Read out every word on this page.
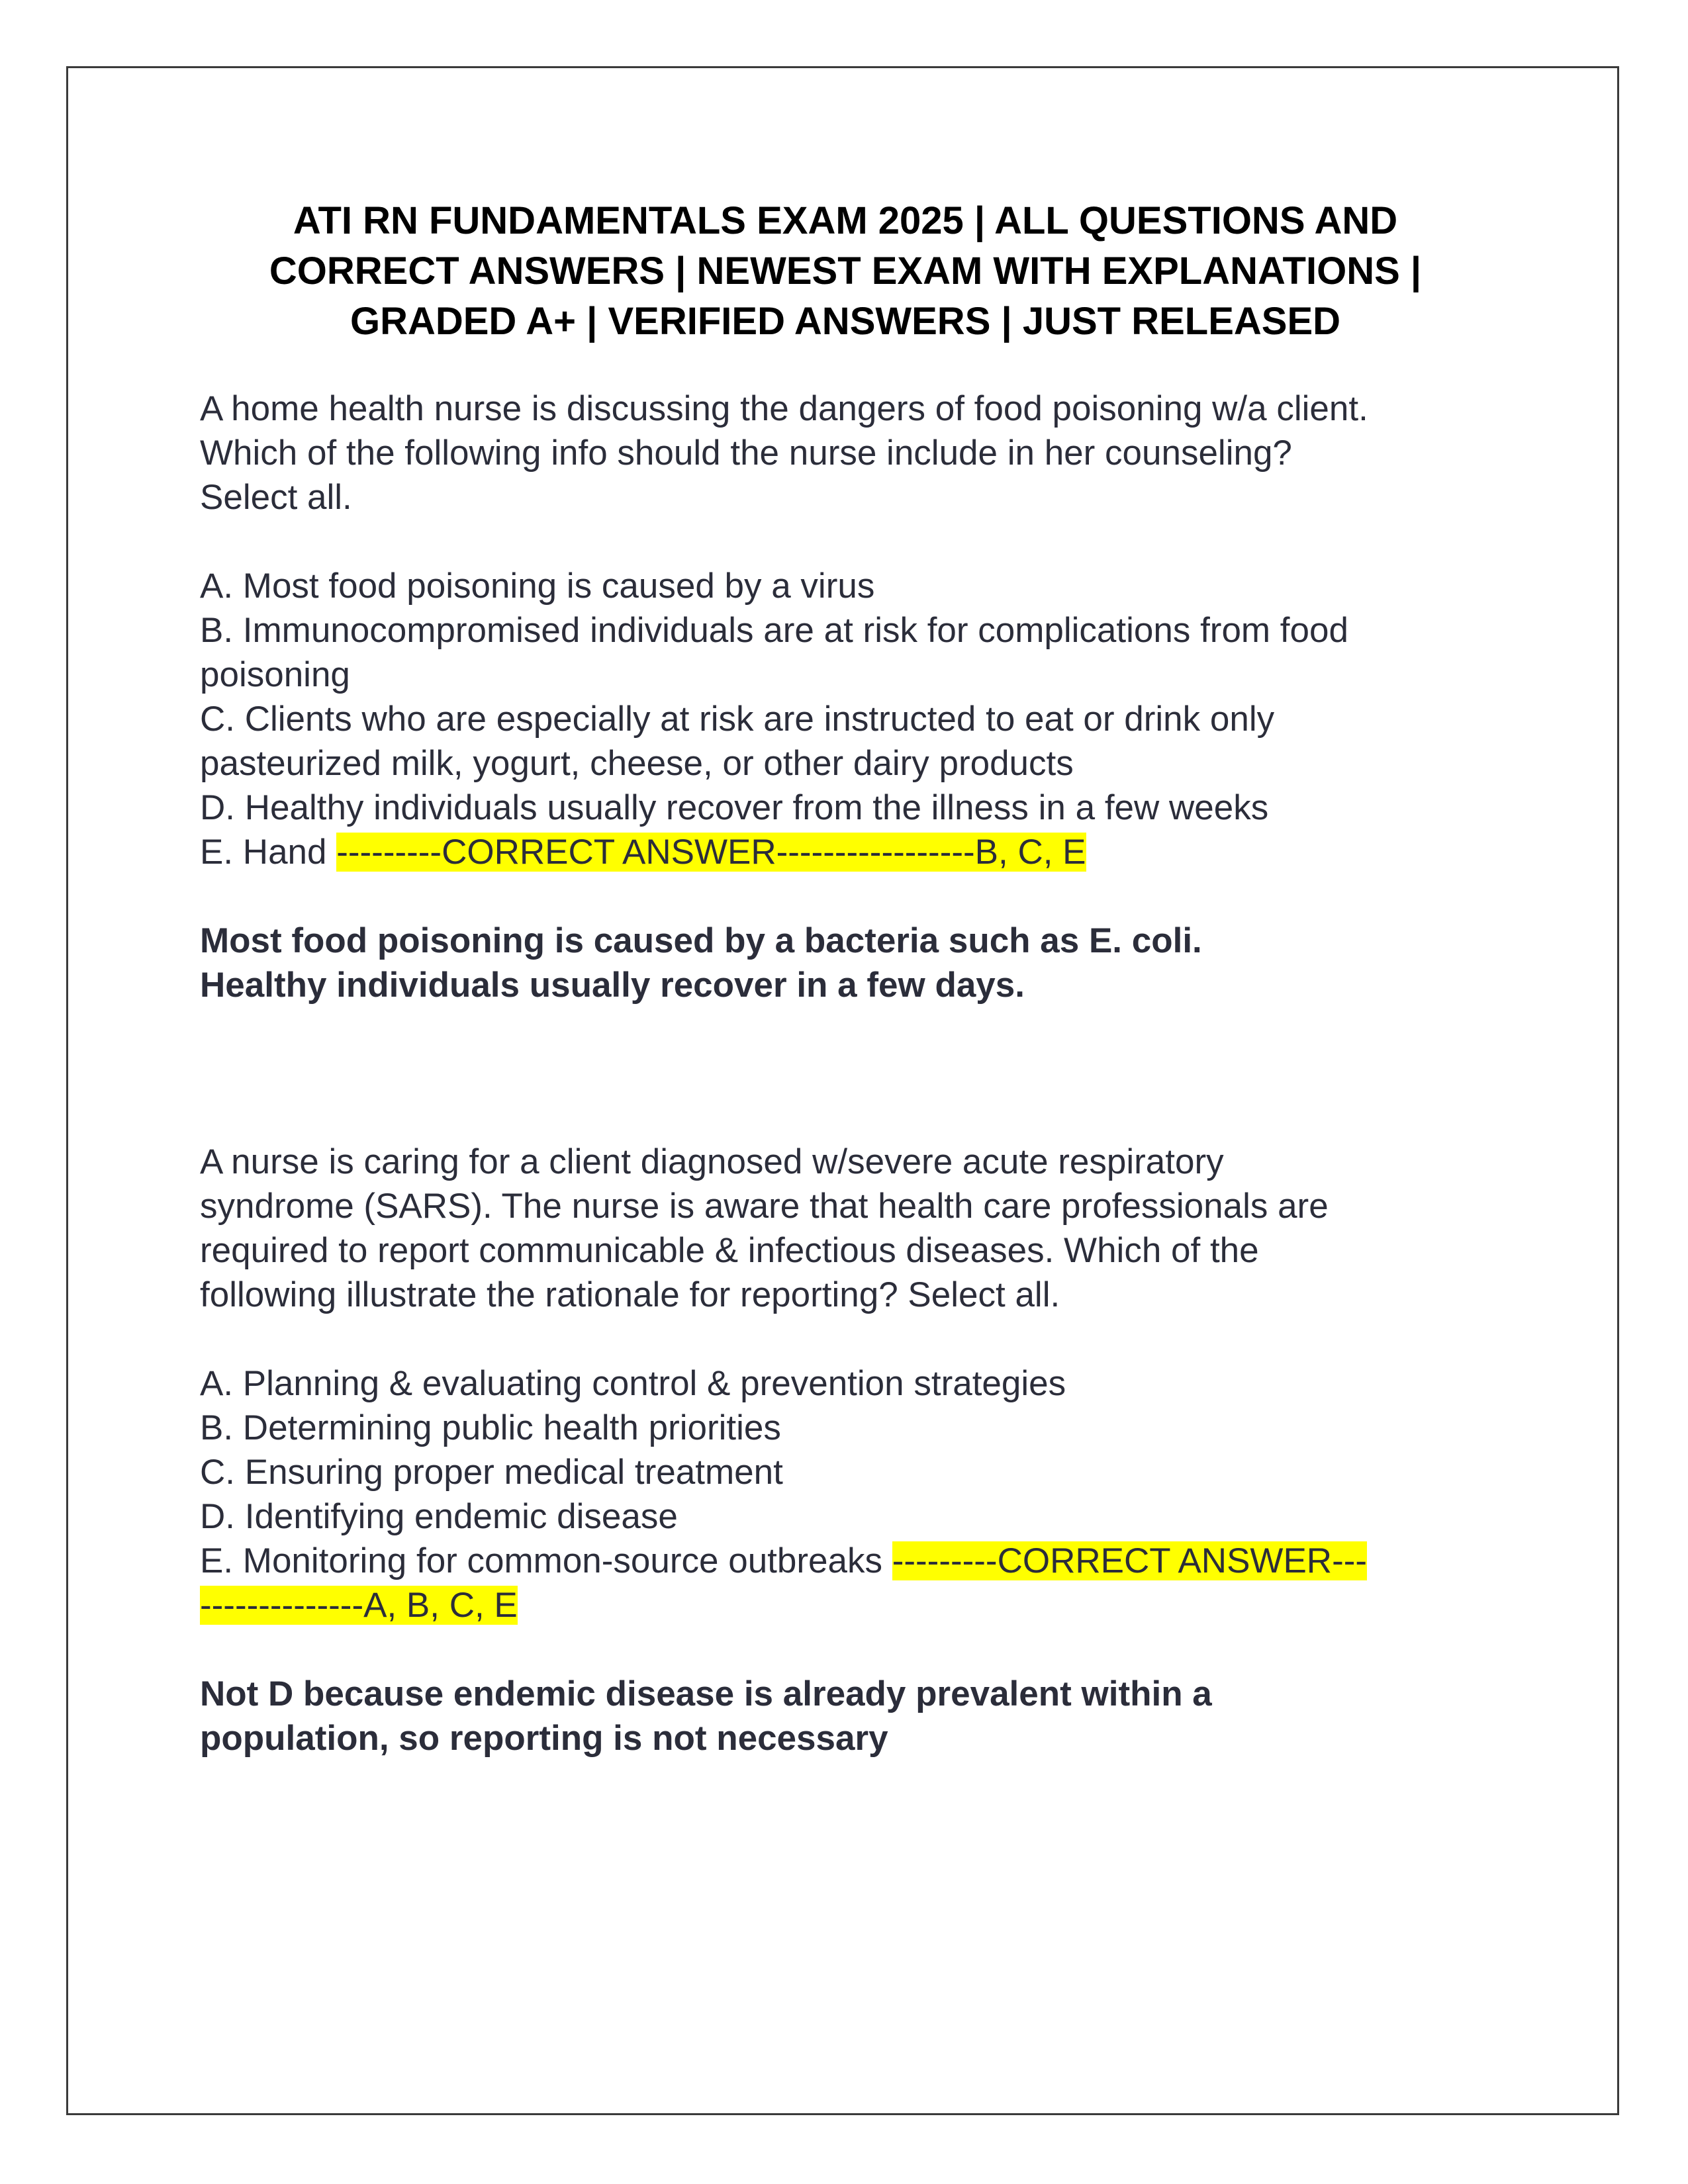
ATI RN FUNDAMENTALS EXAM 2025 | ALL QUESTIONS AND CORRECT ANSWERS | NEWEST EXAM WITH EXPLANATIONS | GRADED A+ | VERIFIED ANSWERS | JUST RELEASED

A home health nurse is discussing the dangers of food poisoning w/a client.

Which of the following info should the nurse include in her counseling?

Select all.

A. Most food poisoning is caused by a virus

B. Immunocompromised individuals are at risk for complications from food

poisoning

C. Clients who are especially at risk are instructed to eat or drink only

pasteurized milk, yogurt, cheese, or other dairy products

D. Healthy individuals usually recover from the illness in a few weeks

E. Hand ---------CORRECT ANSWER-----------------B, C, E

Most food poisoning is caused by a bacteria such as E. coli.

Healthy individuals usually recover in a few days.

A nurse is caring for a client diagnosed w/severe acute respiratory

syndrome (SARS). The nurse is aware that health care professionals are

required to report communicable & infectious diseases. Which of the

following illustrate the rationale for reporting? Select all.

A. Planning & evaluating control & prevention strategies

B. Determining public health priorities

C. Ensuring proper medical treatment

D. Identifying endemic disease

E. Monitoring for common-source outbreaks ---------CORRECT ANSWER---

--------------A, B, C, E

Not D because endemic disease is already prevalent within a

population, so reporting is not necessary
